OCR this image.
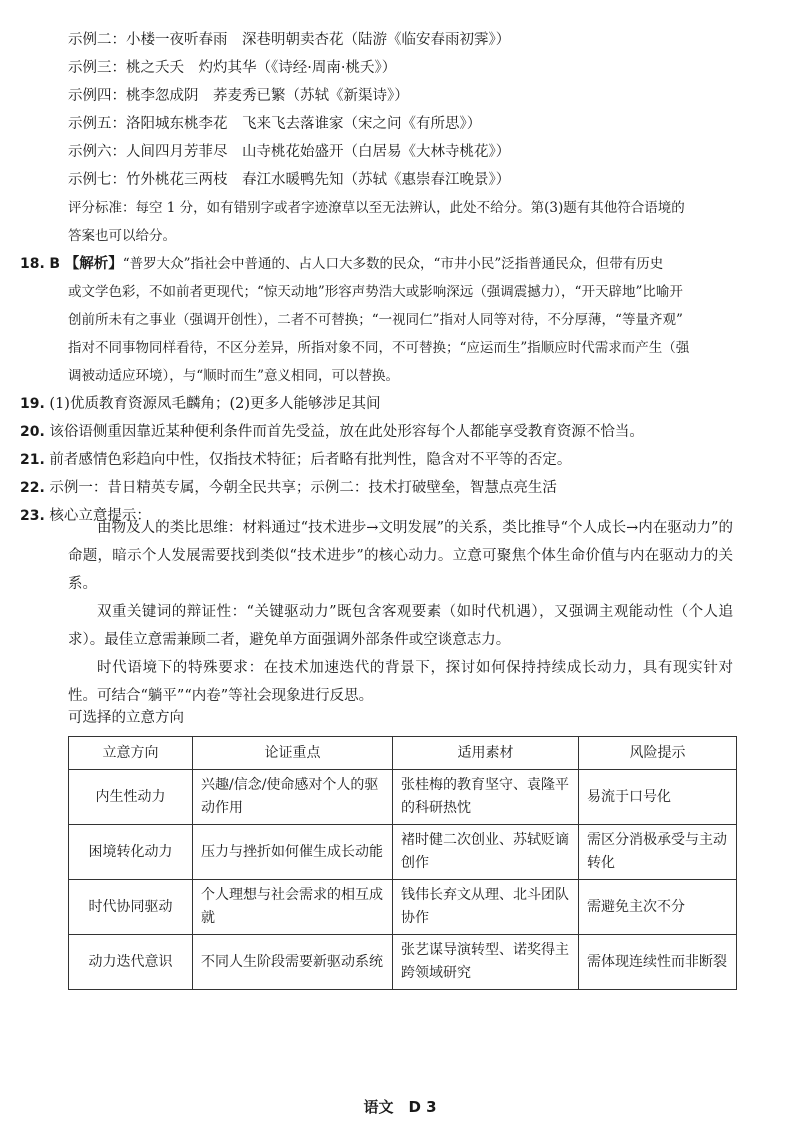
示例二：小楼一夜听春雨　深巷明朝卖杏花（陆游《临安春雨初霁》）
示例三：桃之夭夭　灼灼其华（《诗经·周南·桃夭》）
示例四：桃李忽成阴　荞麦秀已繁（苏轼《新渠诗》）
示例五：洛阳城东桃李花　飞来飞去落谁家（宋之问《有所思》）
示例六：人间四月芳菲尽　山寺桃花始盛开（白居易《大林寺桃花》）
示例七：竹外桃花三两枝　春江水暖鸭先知（苏轼《惠崇春江晚景》）
评分标准：每空 1 分，如有错别字或者字迹潦草以至无法辨认，此处不给分。第(3)题有其他符合语境的
答案也可以给分。
18. B 【解析】“普罗大众”指社会中普通的、占人口大多数的民众，“市井小民”泛指普通民众，但带有历史
或文学色彩，不如前者更现代；“惊天动地”形容声势浩大或影响深远（强调震撼力），“开天辟地”比喻开
创前所未有之事业（强调开创性），二者不可替换；“一视同仁”指对人同等对待，不分厚薄，“等量齐观”
指对不同事物同样看待，不区分差异，所指对象不同，不可替换；“应运而生”指顺应时代需求而产生（强
调被动适应环境），与“顺时而生”意义相同，可以替换。
19. (1)优质教育资源凤毛麟角；(2)更多人能够涉足其间
20. 该俗语侧重因靠近某种便利条件而首先受益，放在此处形容每个人都能享受教育资源不恰当。
21. 前者感情色彩趋向中性，仅指技术特征；后者略有批判性，隐含对不平等的否定。
22. 示例一：昔日精英专属，今朝全民共享；示例二：技术打破壁垒，智慧点亮生活
23. 核心立意提示：
由物及人的类比思维：材料通过“技术进步→文明发展”的关系，类比推导“个人成长→内在驱动力”的命题，暗示个人发展需要找到类似“技术进步”的核心动力。立意可聚焦个体生命价值与内在驱动力的关系。
双重关键词的辩证性：“关键驱动力”既包含客观要素（如时代机遇），又强调主观能动性（个人追求）。最佳立意需兼顾二者，避免单方面强调外部条件或空谈意志力。
时代语境下的特殊要求：在技术加速迭代的背景下，探讨如何保持持续成长动力，具有现实针对性。可结合“躺平”“内卷”等社会现象进行反思。
可选择的立意方向
立意方向	论证重点	适用素材	风险提示
内生性动力	兴趣/信念/使命感对个人的驱动作用	张桂梅的教育坚守、袁隆平的科研热忱	易流于口号化
困境转化动力	压力与挫折如何催生成长动能	褚时健二次创业、苏轼贬谪创作	需区分消极承受与主动转化
时代协同驱动	个人理想与社会需求的相互成就	钱伟长弃文从理、北斗团队协作	需避免主次不分
动力迭代意识	不同人生阶段需要新驱动系统	张艺谋导演转型、诺奖得主跨领域研究	需体现连续性而非断裂
语文　D 3
